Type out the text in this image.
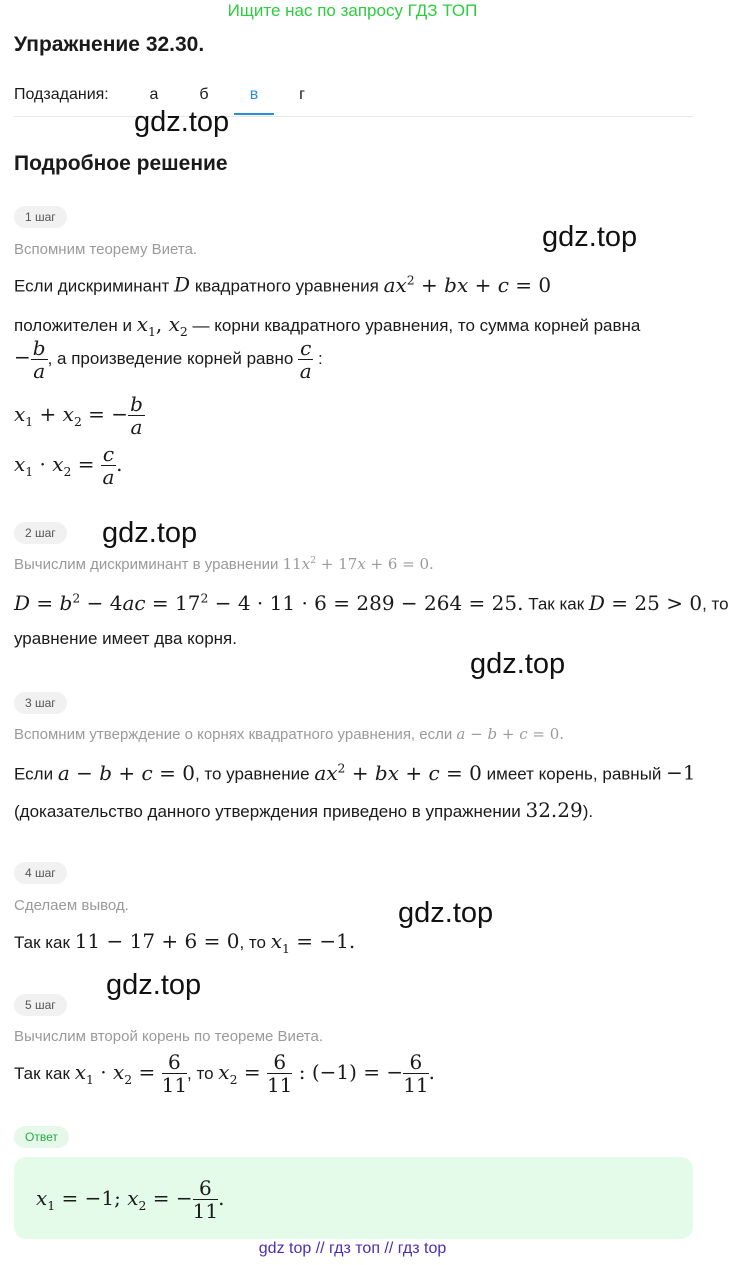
Ищите нас по запросу ГДЗ ТОП
Упражнение 32.30.
Подзадания:	а	б	в	г
gdz.top
Подробное решение
1 шаг
Вспомним теорему Виета.	gdz.top
Если дискриминант D квадратного уравнения $ax^2$ + bx + c = 0
положителен и $x_1$, $x_2$ — корни квадратного уравнения, то сумма корней равна
− $\frac{b}{a}$ , а произведение корней равно $\frac{c}{a}$ :
$x_1 + x_2$ = − $\frac{b}{a}$
$x_1 \cdot x_2 = \frac{c}{a}$ .
2 шаг	gdz.top
Вычислим дискриминант в уравнении $11x^2 + 17x + 6 = 0$.
$D = b^2 - 4ac = 17^2 - 4 \cdot 11 \cdot 6 = 289 - 264 = 25$. Так как D = 25 > 0, то
уравнение имеет два корня.
gdz.top
3 шаг
Вспомним утверждение о корнях квадратного уравнения, если a − b + c = 0.
Если a − b + c = 0, то уравнение $ax^2$ + bx + c = 0 имеет корень, равный −1
(доказательство данного утверждения приведено в упражнении 32.29).
4 шаг
Сделаем вывод.	gdz.top
Так как 11 − 17 + 6 = 0, то $x_1 = -1$.
gdz.top
5 шаг
Вычислим второй корень по теореме Виета.
Так как $x_1 \cdot x_2 = \frac{6}{11}$ , то $x_2 = \frac{6}{11}$ : (−1) = − $\frac{6}{11}$ .
Ответ
$x_1 = -1$; $x_2$ = − $\frac{6}{11}$ .
gdz top // гдз топ // гдз top
